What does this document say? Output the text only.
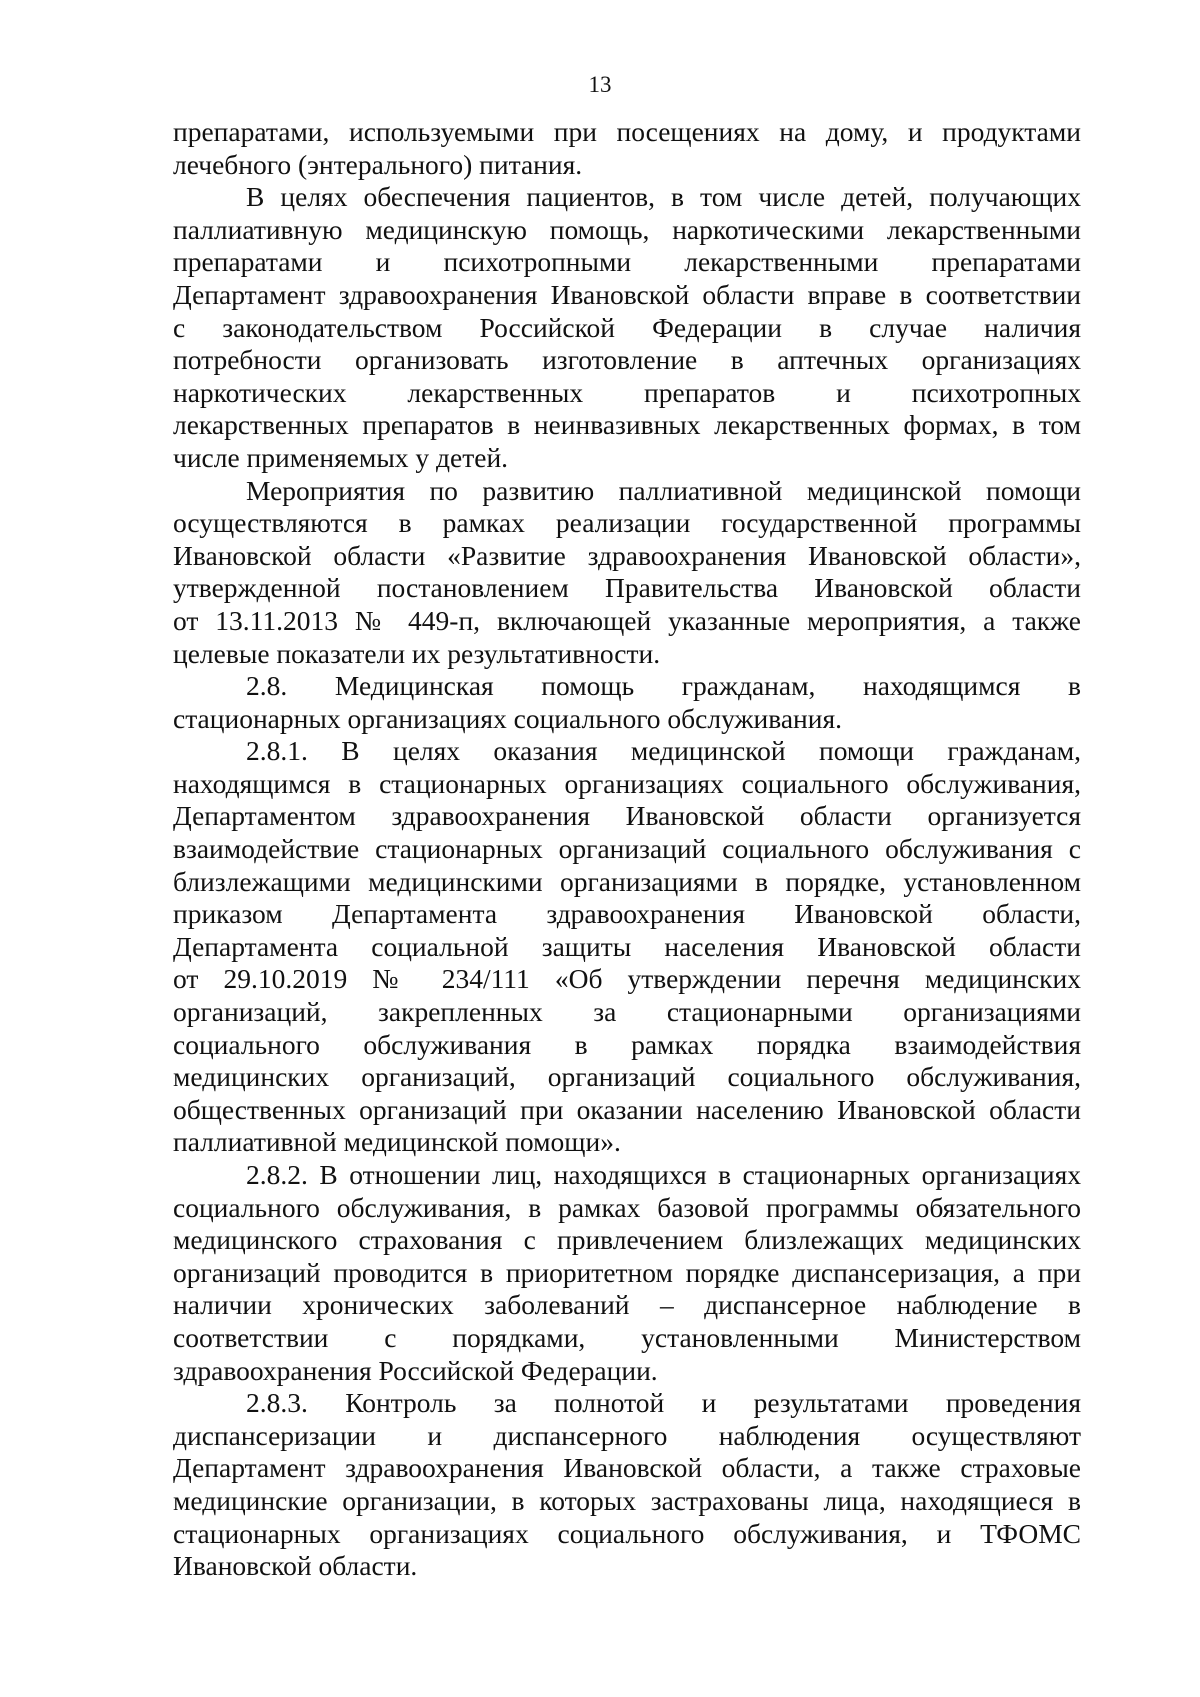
13
препаратами, используемыми при посещениях на дому, и продуктами
лечебного (энтерального) питания.
В целях обеспечения пациентов, в том числе детей, получающих
паллиативную медицинскую помощь, наркотическими лекарственными
препаратами и психотропными лекарственными препаратами
Департамент здравоохранения Ивановской области вправе в соответствии
с законодательством Российской Федерации в случае наличия
потребности организовать изготовление в аптечных организациях
наркотических лекарственных препаратов и психотропных
лекарственных препаратов в неинвазивных лекарственных формах, в том
числе применяемых у детей.
Мероприятия по развитию паллиативной медицинской помощи
осуществляются в рамках реализации государственной программы
Ивановской области «Развитие здравоохранения Ивановской области»,
утвержденной постановлением Правительства Ивановской области
от 13.11.2013 № 449-п, включающей указанные мероприятия, а также
целевые показатели их результативности.
2.8. Медицинская помощь гражданам, находящимся в
стационарных организациях социального обслуживания.
2.8.1. В целях оказания медицинской помощи гражданам,
находящимся в стационарных организациях социального обслуживания,
Департаментом здравоохранения Ивановской области организуется
взаимодействие стационарных организаций социального обслуживания с
близлежащими медицинскими организациями в порядке, установленном
приказом Департамента здравоохранения Ивановской области,
Департамента социальной защиты населения Ивановской области
от 29.10.2019 № 234/111 «Об утверждении перечня медицинских
организаций, закрепленных за стационарными организациями
социального обслуживания в рамках порядка взаимодействия
медицинских организаций, организаций социального обслуживания,
общественных организаций при оказании населению Ивановской области
паллиативной медицинской помощи».
2.8.2. В отношении лиц, находящихся в стационарных организациях
социального обслуживания, в рамках базовой программы обязательного
медицинского страхования с привлечением близлежащих медицинских
организаций проводится в приоритетном порядке диспансеризация, а при
наличии хронических заболеваний – диспансерное наблюдение в
соответствии с порядками, установленными Министерством
здравоохранения Российской Федерации.
2.8.3. Контроль за полнотой и результатами проведения
диспансеризации и диспансерного наблюдения осуществляют
Департамент здравоохранения Ивановской области, а также страховые
медицинские организации, в которых застрахованы лица, находящиеся в
стационарных организациях социального обслуживания, и ТФОМС
Ивановской области.
